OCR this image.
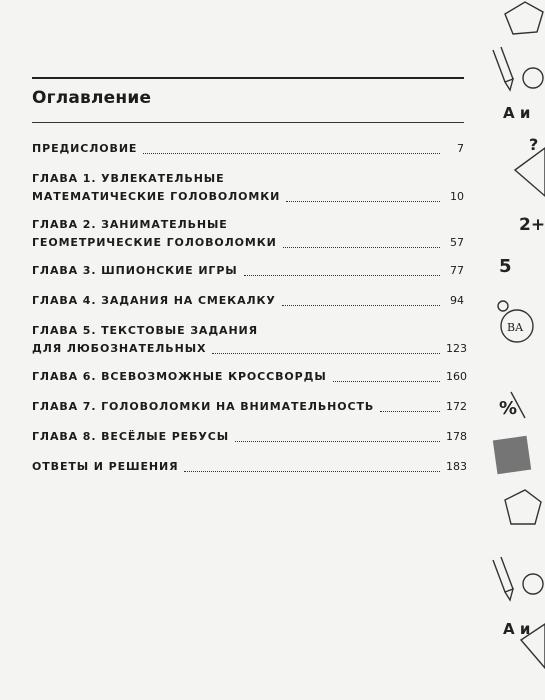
Оглавление
ПРЕДИСЛОВИЕ	7
ГЛАВА 1. УВЛЕКАТЕЛЬНЫЕ
МАТЕМАТИЧЕСКИЕ ГОЛОВОЛОМКИ	10
ГЛАВА 2. ЗАНИМАТЕЛЬНЫЕ
ГЕОМЕТРИЧЕСКИЕ ГОЛОВОЛОМКИ	57
ГЛАВА 3. ШПИОНСКИЕ ИГРЫ	77
ГЛАВА 4. ЗАДАНИЯ НА СМЕКАЛКУ	94
ГЛАВА 5. ТЕКСТОВЫЕ ЗАДАНИЯ
ДЛЯ ЛЮБОЗНАТЕЛЬНЫХ	123
ГЛАВА 6. ВСЕВОЗМОЖНЫЕ КРОССВОРДЫ	160
ГЛАВА 7. ГОЛОВОЛОМКИ НА ВНИМАТЕЛЬНОСТЬ	172
ГЛАВА 8. ВЕСЁЛЫЕ РЕБУСЫ	178
ОТВЕТЫ И РЕШЕНИЯ	183
А и
?
2+
5
BA
%
А и
